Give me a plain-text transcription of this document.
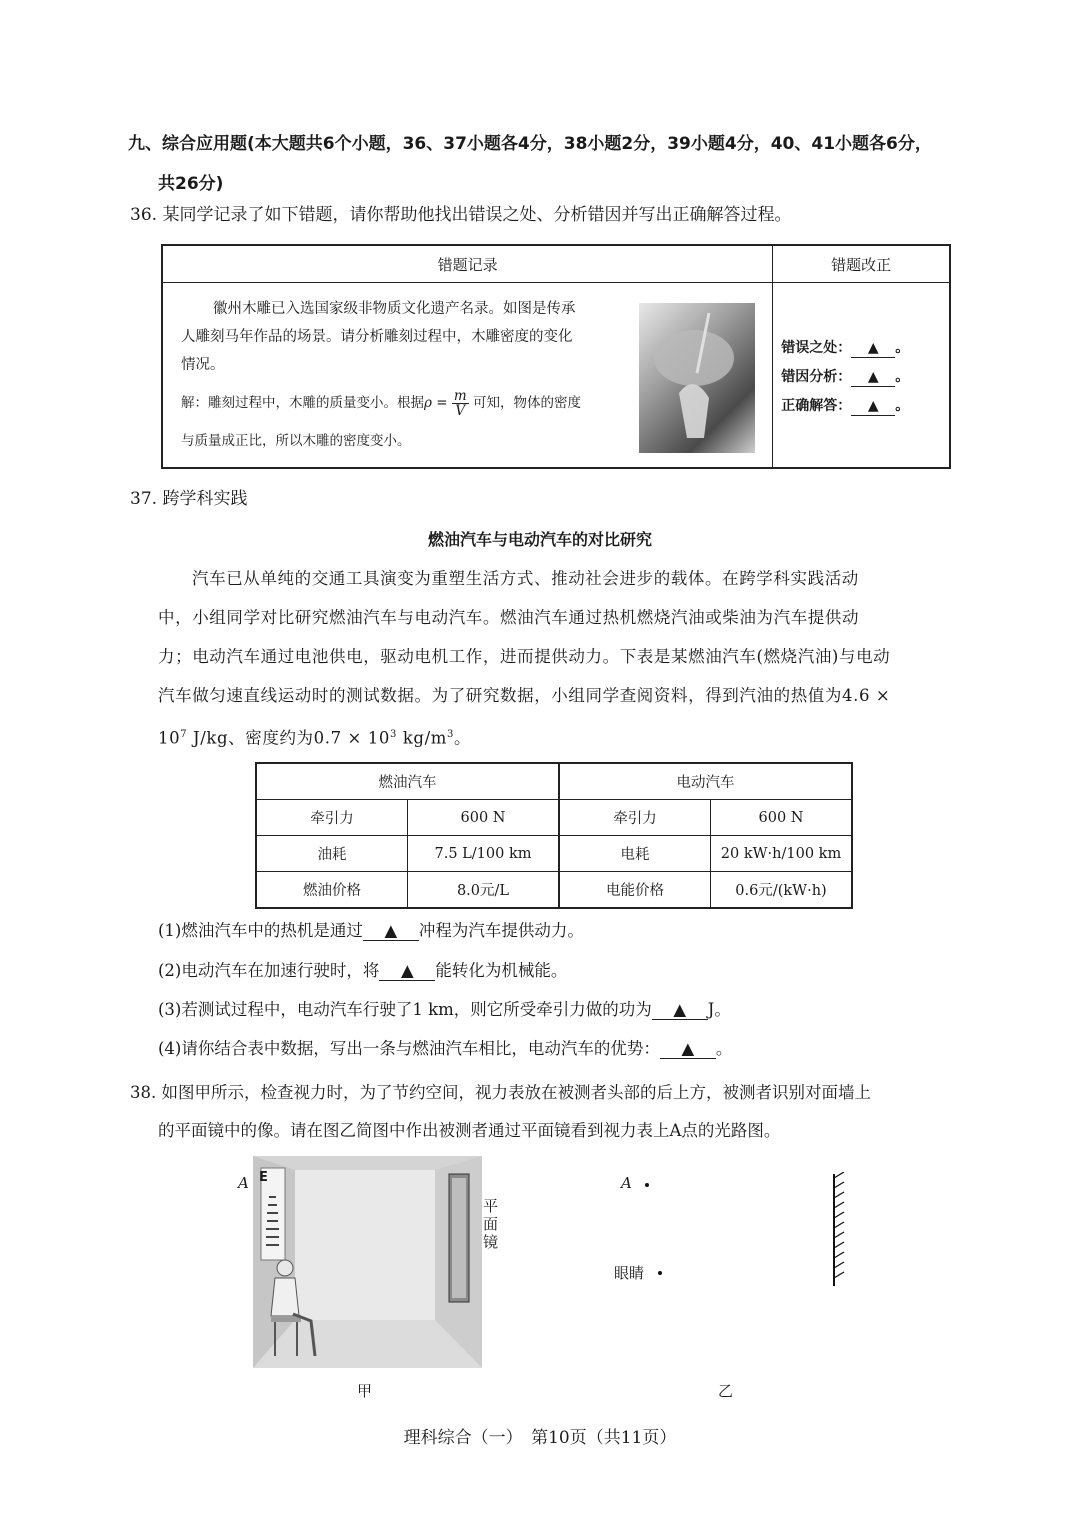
九、综合应用题(本大题共6个小题，36、37小题各4分，38小题2分，39小题4分，40、41小题各6分，
共26分)
36. 某同学记录了如下错题，请你帮助他找出错误之处、分析错因并写出正确解答过程。
错题记录	错题改正
徽州木雕已入选国家级非物质文化遗产名录。如图是传承
人雕刻马年作品的场景。请分析雕刻过程中，木雕密度的变化
情况。
解：雕刻过程中，木雕的质量变小。根据$\rho = \frac{m}{V}$ 可知，物体的密度
与质量成正比，所以木雕的密度变小。
错误之处： ▲ 。
错因分析： ▲ 。
正确解答： ▲ 。
37. 跨学科实践
燃油汽车与电动汽车的对比研究
汽车已从单纯的交通工具演变为重塑生活方式、推动社会进步的载体。在跨学科实践活动
中，小组同学对比研究燃油汽车与电动汽车。燃油汽车通过热机燃烧汽油或柴油为汽车提供动
力；电动汽车通过电池供电，驱动电机工作，进而提供动力。下表是某燃油汽车(燃烧汽油)与电动
汽车做匀速直线运动时的测试数据。为了研究数据，小组同学查阅资料，得到汽油的热值为4.6 ×
$10^7$ J/kg、密度约为$0.7 \times 10^3$ $kg/m^3$。
燃油汽车		电动汽车	
牵引力	600 N	牵引力	600 N
油耗	7.5 L/100 km	电耗	20 kW·h/100 km
燃油价格	8.0元/L	电能价格	0.6元/(kW·h)
(1)燃油汽车中的热机是通过 ▲ 冲程为汽车提供动力。
(2)电动汽车在加速行驶时，将 ▲ 能转化为机械能。
(3)若测试过程中，电动汽车行驶了1 km，则它所受牵引力做的功为 ▲ J。
(4)请你结合表中数据，写出一条与燃油汽车相比，电动汽车的优势： ▲ 。
38. 如图甲所示，检查视力时，为了节约空间，视力表放在被测者头部的后上方，被测者识别对面墙上
的平面镜中的像。请在图乙简图中作出被测者通过平面镜看到视力表上A点的光路图。
A E
平
面
镜
甲
A
眼睛
乙
理科综合（一）　第10页（共11页）
